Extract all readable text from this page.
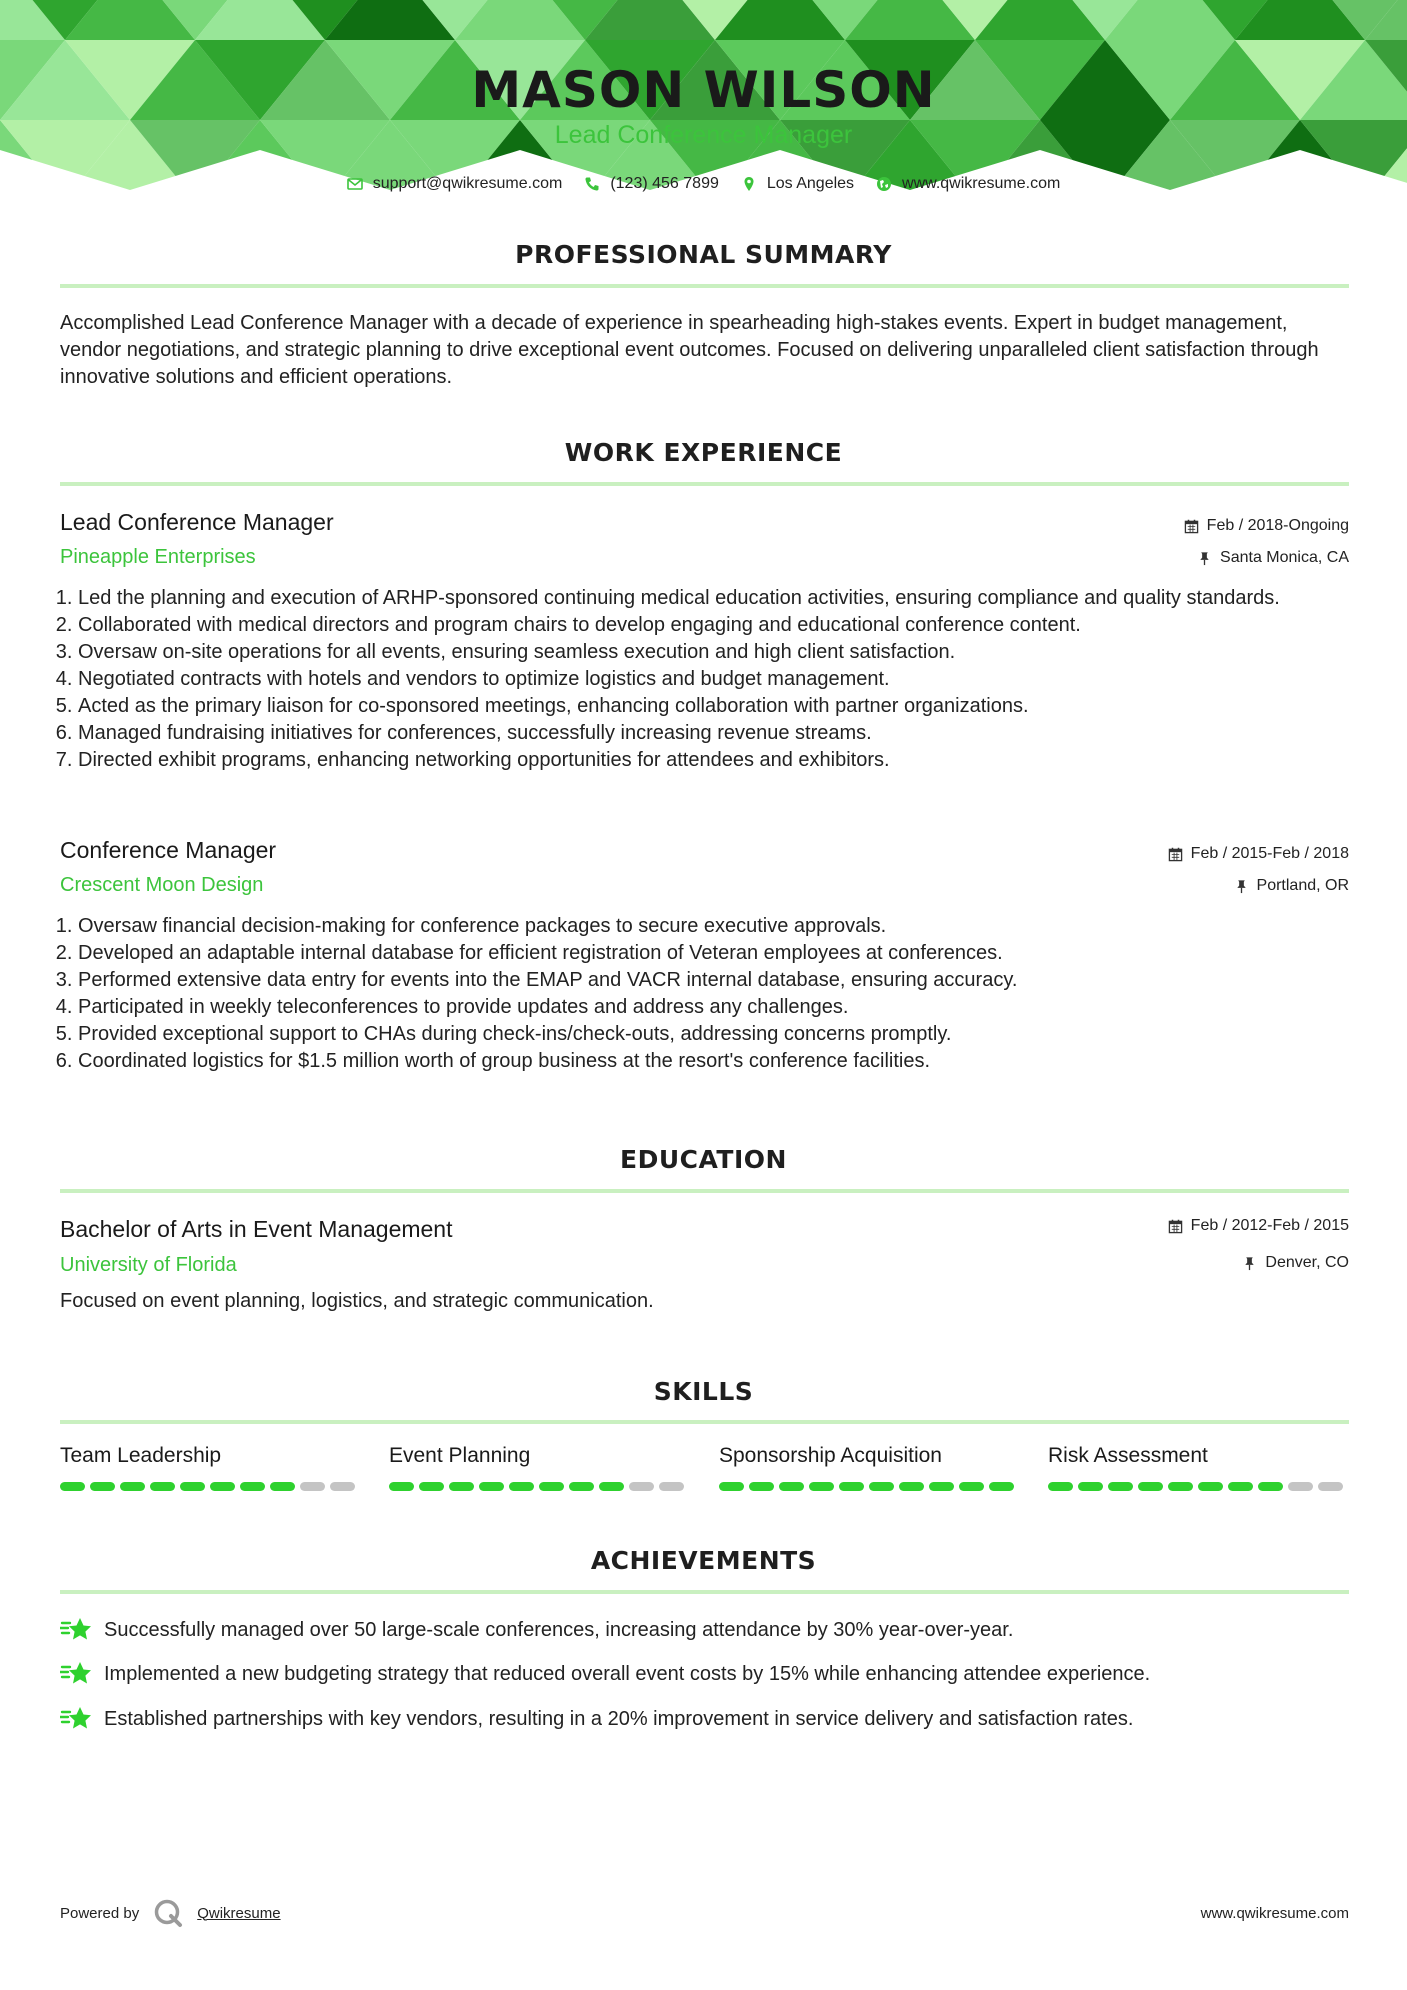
MASON WILSON
Lead Conference Manager
support@qwikresume.com	(123) 456 7899	Los Angeles	www.qwikresume.com
PROFESSIONAL SUMMARY

Accomplished Lead Conference Manager with a decade of experience in spearheading high-stakes events. Expert in budget management, vendor negotiations, and strategic planning to drive exceptional event outcomes. Focused on delivering unparalleled client satisfaction through innovative solutions and efficient operations.

WORK EXPERIENCE
Lead Conference Manager
Pineapple Enterprises
Feb / 2018-Ongoing
Santa Monica, CA
1. Led the planning and execution of ARHP-sponsored continuing medical education activities, ensuring compliance and quality standards.
2. Collaborated with medical directors and program chairs to develop engaging and educational conference content.
3. Oversaw on-site operations for all events, ensuring seamless execution and high client satisfaction.
4. Negotiated contracts with hotels and vendors to optimize logistics and budget management.
5. Acted as the primary liaison for co-sponsored meetings, enhancing collaboration with partner organizations.
6. Managed fundraising initiatives for conferences, successfully increasing revenue streams.
7. Directed exhibit programs, enhancing networking opportunities for attendees and exhibitors.
Conference Manager
Crescent Moon Design
Feb / 2015-Feb / 2018
Portland, OR
1. Oversaw financial decision-making for conference packages to secure executive approvals.
2. Developed an adaptable internal database for efficient registration of Veteran employees at conferences.
3. Performed extensive data entry for events into the EMAP and VACR internal database, ensuring accuracy.
4. Participated in weekly teleconferences to provide updates and address any challenges.
5. Provided exceptional support to CHAs during check-ins/check-outs, addressing concerns promptly.
6. Coordinated logistics for $1.5 million worth of group business at the resort's conference facilities.
EDUCATION
Bachelor of Arts in Event Management
University of Florida
Feb / 2012-Feb / 2015
Denver, CO

Focused on event planning, logistics, and strategic communication.

SKILLS
Team Leadership	Event Planning	Sponsorship Acquisition	Risk Assessment
ACHIEVEMENTS
Successfully managed over 50 large-scale conferences, increasing attendance by 30% year-over-year.
Implemented a new budgeting strategy that reduced overall event costs by 15% while enhancing attendee experience.
Established partnerships with key vendors, resulting in a 20% improvement in service delivery and satisfaction rates.
Powered by	Qwikresume	www.qwikresume.com
